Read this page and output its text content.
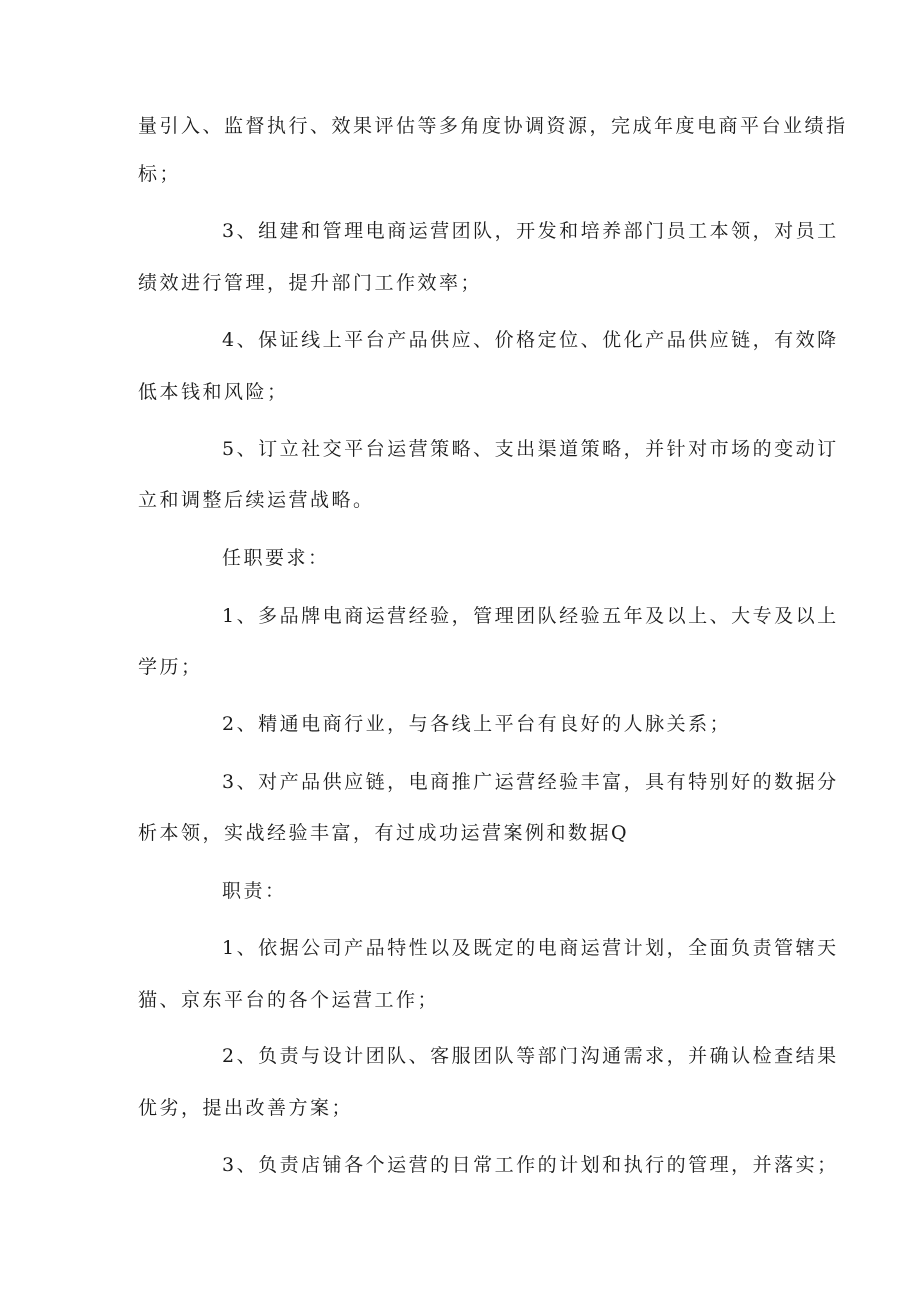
量引入、监督执行、效果评估等多角度协调资源，完成年度电商平台业绩指
标；
3、组建和管理电商运营团队，开发和培养部门员工本领，对员工
绩效进行管理，提升部门工作效率；
4、保证线上平台产品供应、价格定位、优化产品供应链，有效降
低本钱和风险；
5、订立社交平台运营策略、支出渠道策略，并针对市场的变动订
立和调整后续运营战略。
任职要求：
1、多品牌电商运营经验，管理团队经验五年及以上、大专及以上
学历；
2、精通电商行业，与各线上平台有良好的人脉关系；
3、对产品供应链，电商推广运营经验丰富，具有特别好的数据分
析本领，实战经验丰富，有过成功运营案例和数据Q
职责：
1、依据公司产品特性以及既定的电商运营计划，全面负责管辖天
猫、京东平台的各个运营工作；
2、负责与设计团队、客服团队等部门沟通需求，并确认检查结果
优劣，提出改善方案；
3、负责店铺各个运营的日常工作的计划和执行的管理，并落实；
